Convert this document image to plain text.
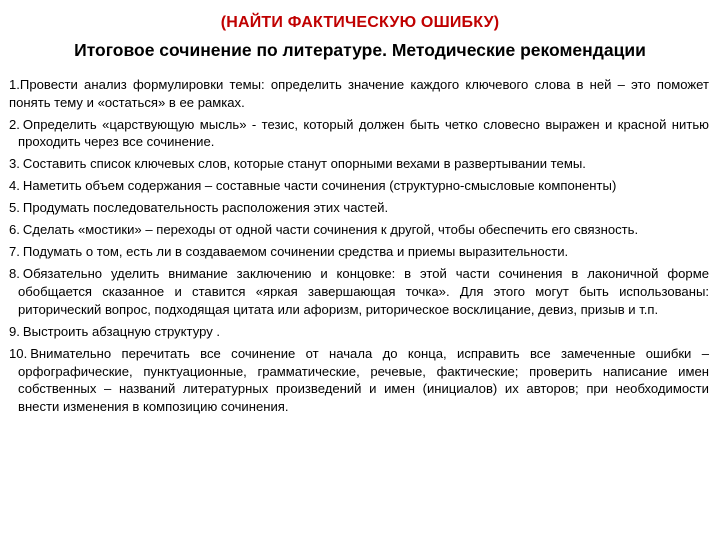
(НАЙТИ ФАКТИЧЕСКУЮ ОШИБКУ)
Итоговое сочинение по литературе. Методические рекомендации

1.Провести анализ формулировки темы: определить значение каждого ключевого слова в ней – это поможет понять тему и «остаться» в ее рамках.

2. Определить «царствующую мысль» - тезис, который должен быть четко словесно выражен и красной нитью проходить через все сочинение.

3. Составить список ключевых слов, которые станут опорными вехами в развертывании темы.

4. Наметить объем содержания – составные части сочинения (структурно-смысловые компоненты)

5. Продумать последовательность расположения этих частей.

6. Сделать «мостики» – переходы от одной части сочинения к другой, чтобы обеспечить его связность.

7. Подумать о том, есть ли в создаваемом сочинении средства и приемы выразительности.

8. Обязательно уделить внимание заключению и концовке: в этой части сочинения в лаконичной форме обобщается сказанное и ставится «яркая завершающая точка». Для этого могут быть использованы: риторический вопрос, подходящая цитата или афоризм, риторическое восклицание, девиз, призыв и т.п.

9. Выстроить абзацную структуру .

10. Внимательно перечитать все сочинение от начала до конца, исправить все замеченные ошибки – орфографические, пунктуационные, грамматические, речевые, фактические; проверить написание имен собственных – названий литературных произведений и имен (инициалов) их авторов; при необходимости внести изменения в композицию сочинения.
